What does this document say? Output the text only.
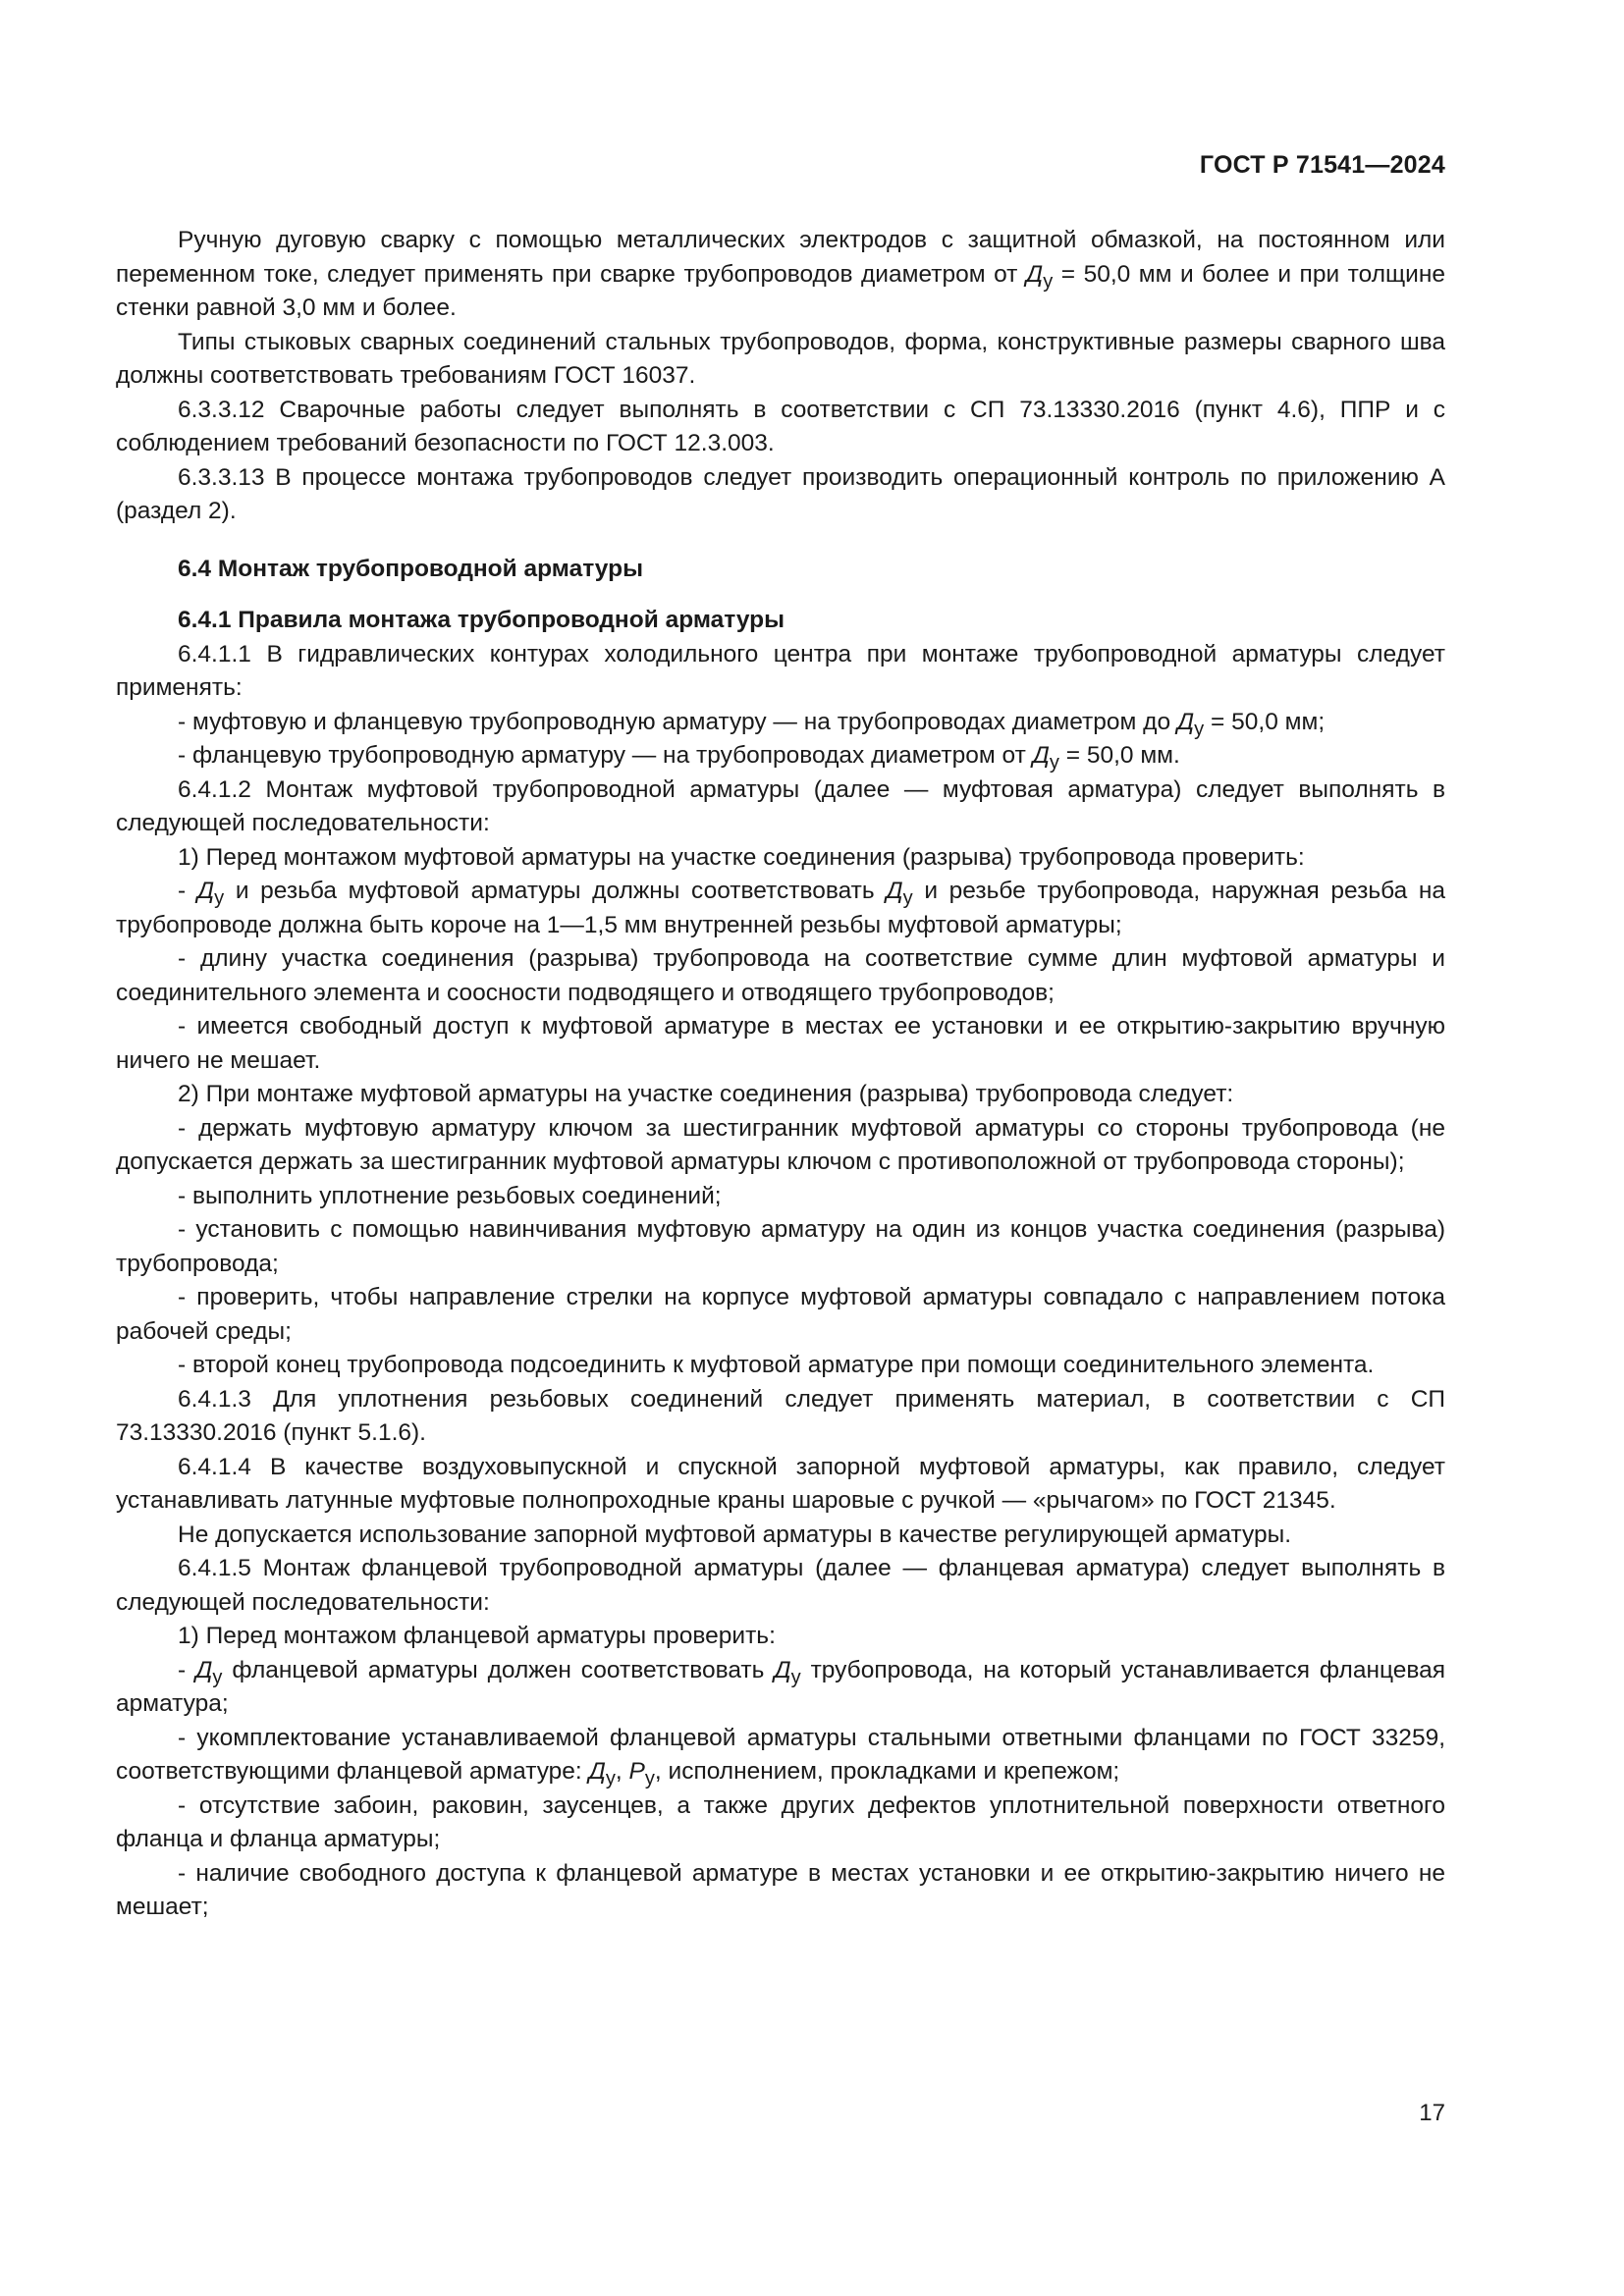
ГОСТ Р 71541—2024

Ручную дуговую сварку с помощью металлических электродов с защитной обмазкой, на постоянном или переменном токе, следует применять при сварке трубопроводов диаметром от $Д_у = 50,0$ мм и более и при толщине стенки равной 3,0 мм и более.

Типы стыковых сварных соединений стальных трубопроводов, форма, конструктивные размеры сварного шва должны соответствовать требованиям ГОСТ 16037.

6.3.3.12 Сварочные работы следует выполнять в соответствии с СП 73.13330.2016 (пункт 4.6), ППР и с соблюдением требований безопасности по ГОСТ 12.3.003.

6.3.3.13 В процессе монтажа трубопроводов следует производить операционный контроль по приложению А (раздел 2).

6.4 Монтаж трубопроводной арматуры

6.4.1 Правила монтажа трубопроводной арматуры

6.4.1.1 В гидравлических контурах холодильного центра при монтаже трубопроводной арматуры следует применять:

- муфтовую и фланцевую трубопроводную арматуру — на трубопроводах диаметром до $Д_у = 50,0$ мм;

- фланцевую трубопроводную арматуру — на трубопроводах диаметром от $Д_у = 50,0$ мм.

6.4.1.2 Монтаж муфтовой трубопроводной арматуры (далее — муфтовая арматура) следует выполнять в следующей последовательности:

1) Перед монтажом муфтовой арматуры на участке соединения (разрыва) трубопровода проверить:

- $Д_у$ и резьба муфтовой арматуры должны соответствовать $Д_у$ и резьбе трубопровода, наружная резьба на трубопроводе должна быть короче на 1—1,5 мм внутренней резьбы муфтовой арматуры;

- длину участка соединения (разрыва) трубопровода на соответствие сумме длин муфтовой арматуры и соединительного элемента и соосности подводящего и отводящего трубопроводов;

- имеется свободный доступ к муфтовой арматуре в местах ее установки и ее открытию-закрытию вручную ничего не мешает.

2) При монтаже муфтовой арматуры на участке соединения (разрыва) трубопровода следует:

- держать муфтовую арматуру ключом за шестигранник муфтовой арматуры со стороны трубопровода (не допускается держать за шестигранник муфтовой арматуры ключом с противоположной от трубопровода стороны);

- выполнить уплотнение резьбовых соединений;

- установить с помощью навинчивания муфтовую арматуру на один из концов участка соединения (разрыва) трубопровода;

- проверить, чтобы направление стрелки на корпусе муфтовой арматуры совпадало с направлением потока рабочей среды;

- второй конец трубопровода подсоединить к муфтовой арматуре при помощи соединительного элемента.

6.4.1.3 Для уплотнения резьбовых соединений следует применять материал, в соответствии с СП 73.13330.2016 (пункт 5.1.6).

6.4.1.4 В качестве воздуховыпускной и спускной запорной муфтовой арматуры, как правило, следует устанавливать латунные муфтовые полнопроходные краны шаровые с ручкой — «рычагом» по ГОСТ 21345.

Не допускается использование запорной муфтовой арматуры в качестве регулирующей арматуры.

6.4.1.5 Монтаж фланцевой трубопроводной арматуры (далее — фланцевая арматура) следует выполнять в следующей последовательности:

1) Перед монтажом фланцевой арматуры проверить:

- $Д_у$ фланцевой арматуры должен соответствовать $Д_у$ трубопровода, на который устанавливается фланцевая арматура;

- укомплектование устанавливаемой фланцевой арматуры стальными ответными фланцами по ГОСТ 33259, соответствующими фланцевой арматуре: $Д_у$, $Р_у$, исполнением, прокладками и крепежом;

- отсутствие забоин, раковин, заусенцев, а также других дефектов уплотнительной поверхности ответного фланца и фланца арматуры;

- наличие свободного доступа к фланцевой арматуре в местах установки и ее открытию-закрытию ничего не мешает;

17
